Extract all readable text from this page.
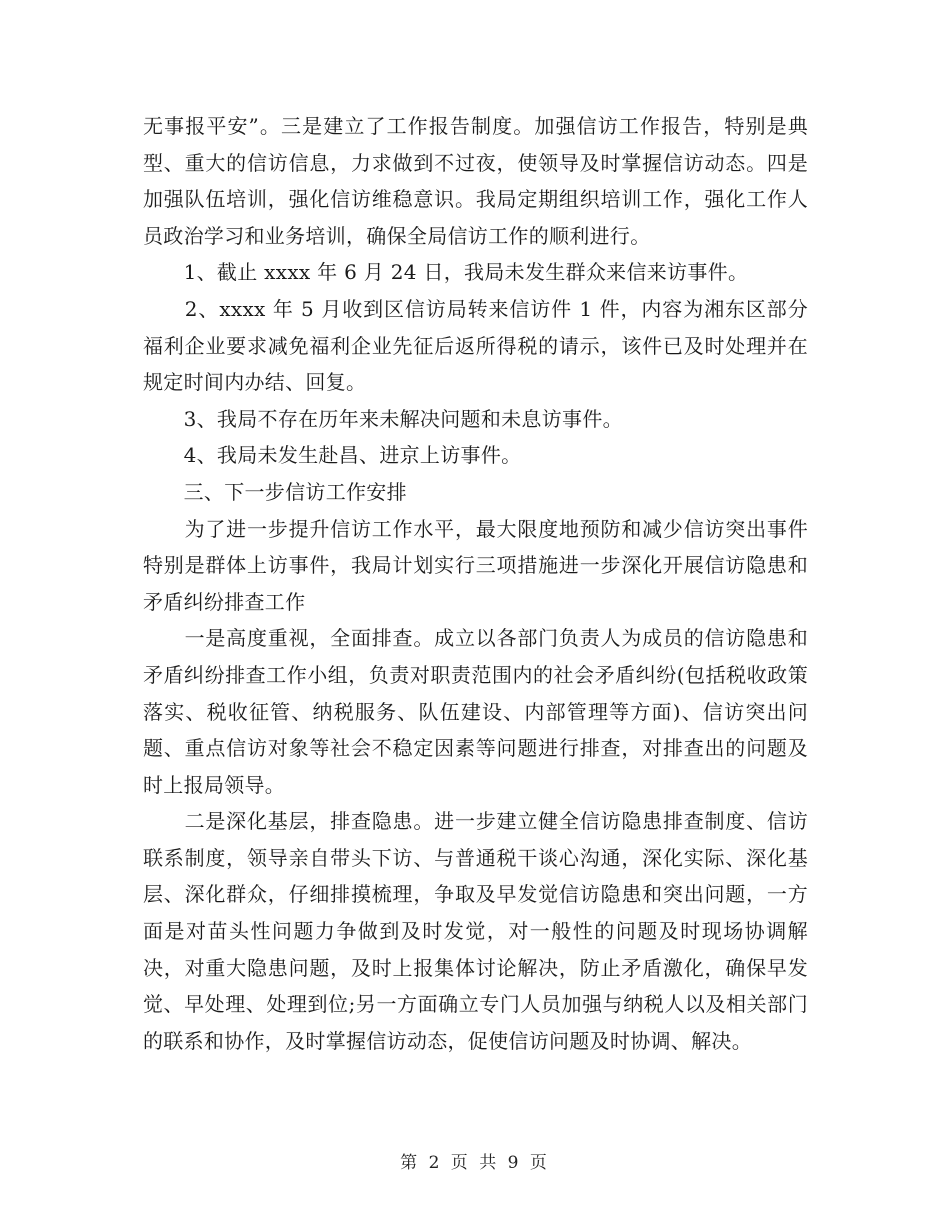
无事报平安”。三是建立了工作报告制度。加强信访工作报告，特别是典型、重大的信访信息，力求做到不过夜，使领导及时掌握信访动态。四是加强队伍培训，强化信访维稳意识。我局定期组织培训工作，强化工作人员政治学习和业务培训，确保全局信访工作的顺利进行。

　　1、截止 xxxx 年 6 月 24 日，我局未发生群众来信来访事件。

　　2、xxxx 年 5 月收到区信访局转来信访件 1 件，内容为湘东区部分福利企业要求减免福利企业先征后返所得税的请示，该件已及时处理并在规定时间内办结、回复。

　　3、我局不存在历年来未解决问题和未息访事件。

　　4、我局未发生赴昌、进京上访事件。

　　三、下一步信访工作安排

　　为了进一步提升信访工作水平，最大限度地预防和减少信访突出事件特别是群体上访事件，我局计划实行三项措施进一步深化开展信访隐患和矛盾纠纷排查工作

　　一是高度重视，全面排查。成立以各部门负责人为成员的信访隐患和矛盾纠纷排查工作小组，负责对职责范围内的社会矛盾纠纷(包括税收政策落实、税收征管、纳税服务、队伍建设、内部管理等方面)、信访突出问题、重点信访对象等社会不稳定因素等问题进行排查，对排查出的问题及时上报局领导。

　　二是深化基层，排查隐患。进一步建立健全信访隐患排查制度、信访联系制度，领导亲自带头下访、与普通税干谈心沟通，深化实际、深化基层、深化群众，仔细排摸梳理，争取及早发觉信访隐患和突出问题，一方面是对苗头性问题力争做到及时发觉，对一般性的问题及时现场协调解决，对重大隐患问题，及时上报集体讨论解决，防止矛盾激化，确保早发觉、早处理、处理到位;另一方面确立专门人员加强与纳税人以及相关部门的联系和协作，及时掌握信访动态，促使信访问题及时协调、解决。

第 2 页 共 9 页
